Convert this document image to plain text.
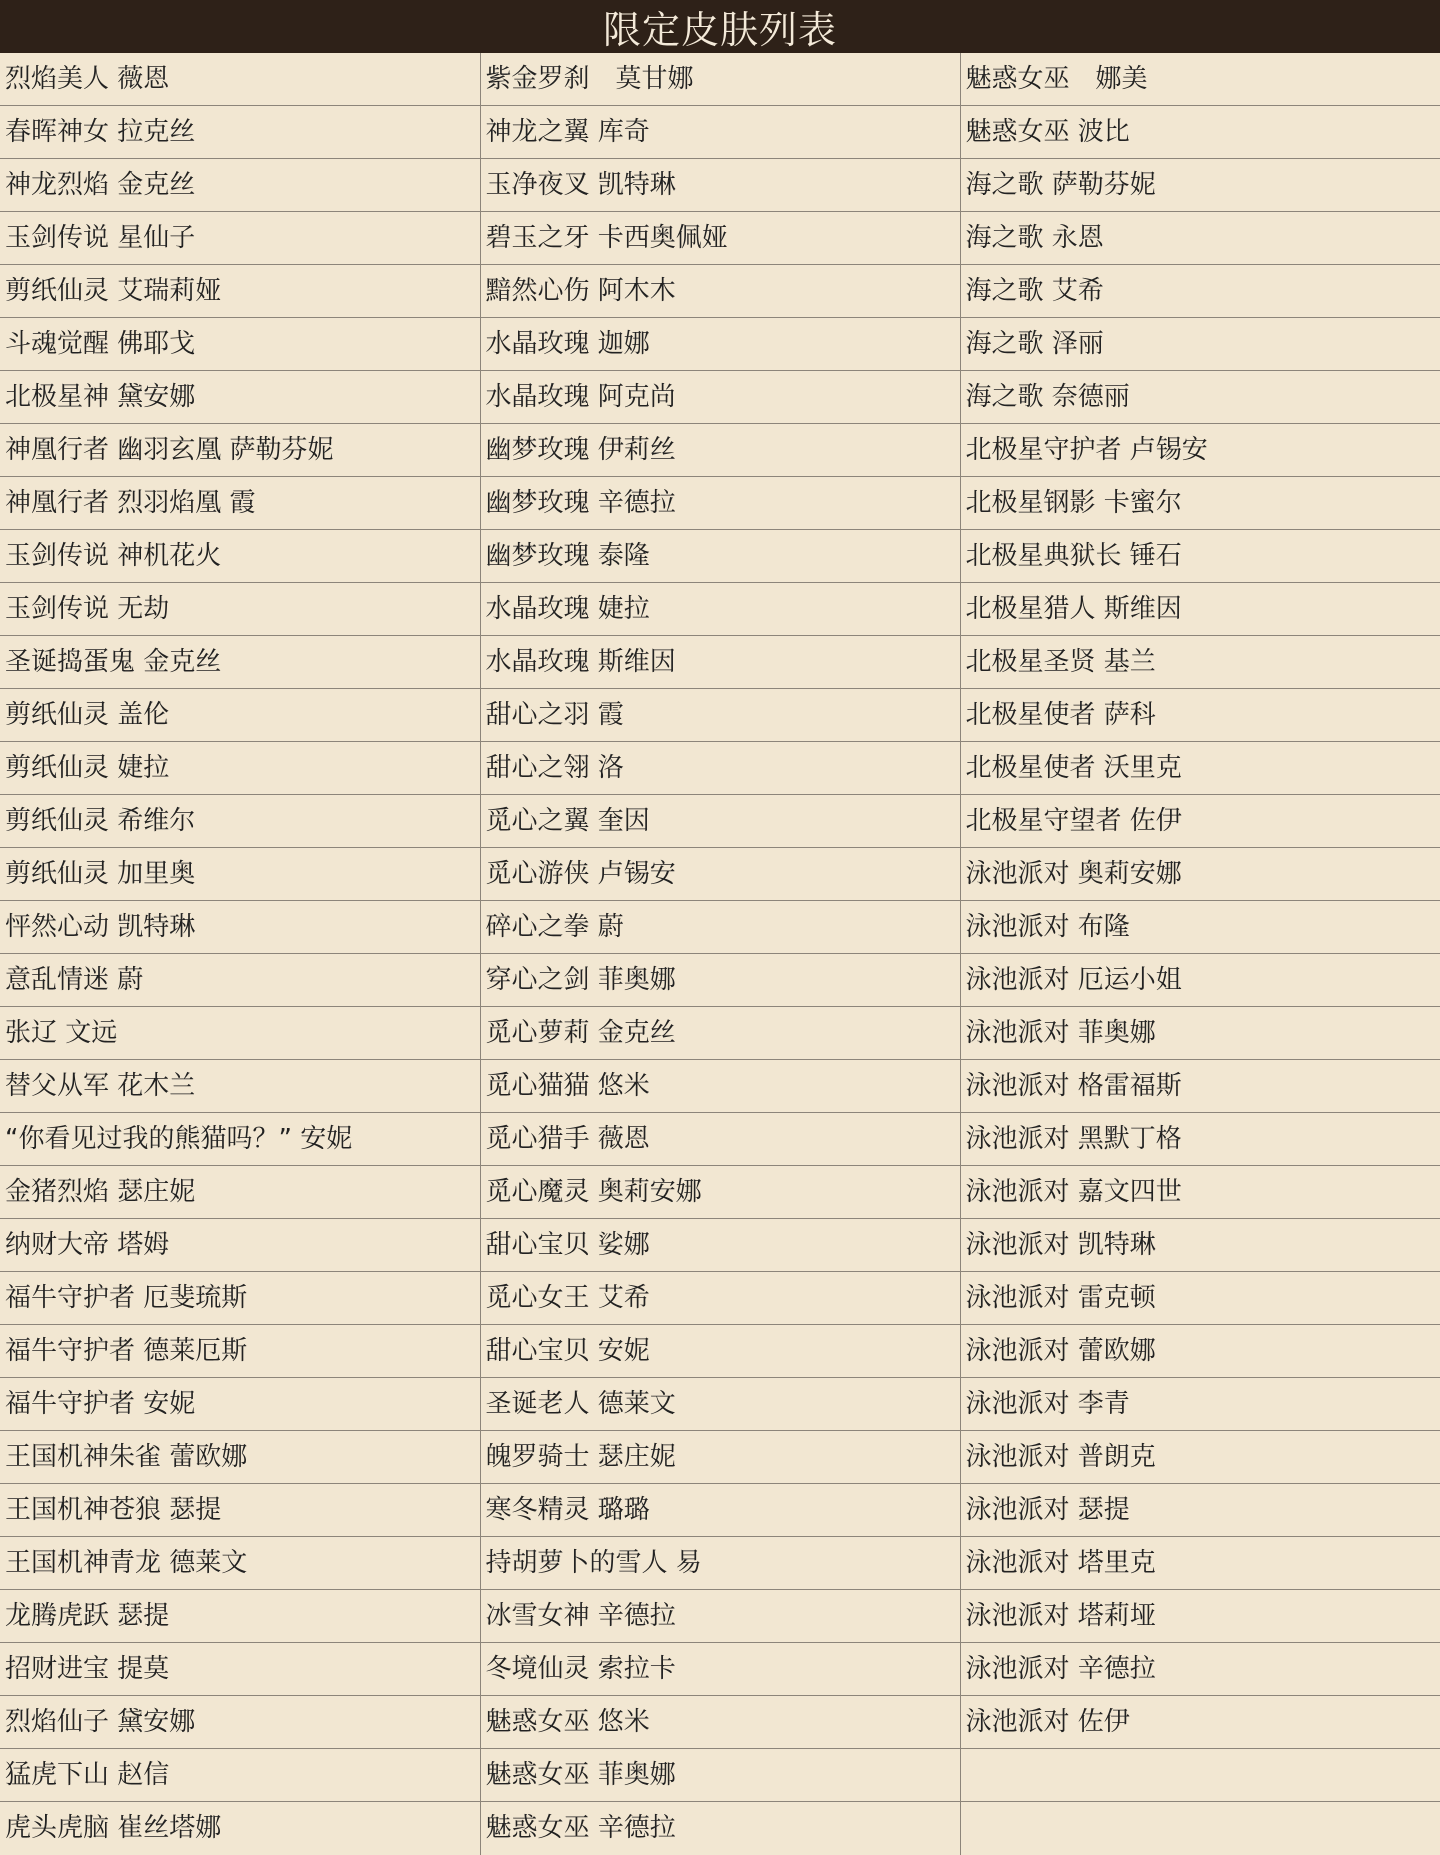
限定皮肤列表
烈焰美人 薇恩	紫金罗刹　莫甘娜	魅惑女巫　娜美
春晖神女 拉克丝	神龙之翼 库奇	魅惑女巫 波比
神龙烈焰 金克丝	玉净夜叉 凯特琳	海之歌 萨勒芬妮
玉剑传说 星仙子	碧玉之牙 卡西奥佩娅	海之歌 永恩
剪纸仙灵 艾瑞莉娅	黯然心伤 阿木木	海之歌 艾希
斗魂觉醒 佛耶戈	水晶玫瑰 迦娜	海之歌 泽丽
北极星神 黛安娜	水晶玫瑰 阿克尚	海之歌 奈德丽
神凰行者 幽羽玄凰 萨勒芬妮	幽梦玫瑰 伊莉丝	北极星守护者 卢锡安
神凰行者 烈羽焰凰 霞	幽梦玫瑰 辛德拉	北极星钢影 卡蜜尔
玉剑传说 神机花火	幽梦玫瑰 泰隆	北极星典狱长 锤石
玉剑传说 无劫	水晶玫瑰 婕拉	北极星猎人 斯维因
圣诞捣蛋鬼 金克丝	水晶玫瑰 斯维因	北极星圣贤 基兰
剪纸仙灵 盖伦	甜心之羽 霞	北极星使者 萨科
剪纸仙灵 婕拉	甜心之翎 洛	北极星使者 沃里克
剪纸仙灵 希维尔	觅心之翼 奎因	北极星守望者 佐伊
剪纸仙灵 加里奥	觅心游侠 卢锡安	泳池派对 奥莉安娜
怦然心动 凯特琳	碎心之拳 蔚	泳池派对 布隆
意乱情迷 蔚	穿心之剑 菲奥娜	泳池派对 厄运小姐
张辽 文远	觅心萝莉 金克丝	泳池派对 菲奥娜
替父从军 花木兰	觅心猫猫 悠米	泳池派对 格雷福斯
“你看见过我的熊猫吗？” 安妮	觅心猎手 薇恩	泳池派对 黑默丁格
金猪烈焰 瑟庄妮	觅心魔灵 奥莉安娜	泳池派对 嘉文四世
纳财大帝 塔姆	甜心宝贝 娑娜	泳池派对 凯特琳
福牛守护者 厄斐琉斯	觅心女王 艾希	泳池派对 雷克顿
福牛守护者 德莱厄斯	甜心宝贝 安妮	泳池派对 蕾欧娜
福牛守护者 安妮	圣诞老人 德莱文	泳池派对 李青
王国机神朱雀 蕾欧娜	魄罗骑士 瑟庄妮	泳池派对 普朗克
王国机神苍狼 瑟提	寒冬精灵 璐璐	泳池派对 瑟提
王国机神青龙 德莱文	持胡萝卜的雪人 易	泳池派对 塔里克
龙腾虎跃 瑟提	冰雪女神 辛德拉	泳池派对 塔莉垭
招财进宝 提莫	冬境仙灵 索拉卡	泳池派对 辛德拉
烈焰仙子 黛安娜	魅惑女巫 悠米	泳池派对 佐伊
猛虎下山 赵信	魅惑女巫 菲奥娜	
虎头虎脑 崔丝塔娜	魅惑女巫 辛德拉	
